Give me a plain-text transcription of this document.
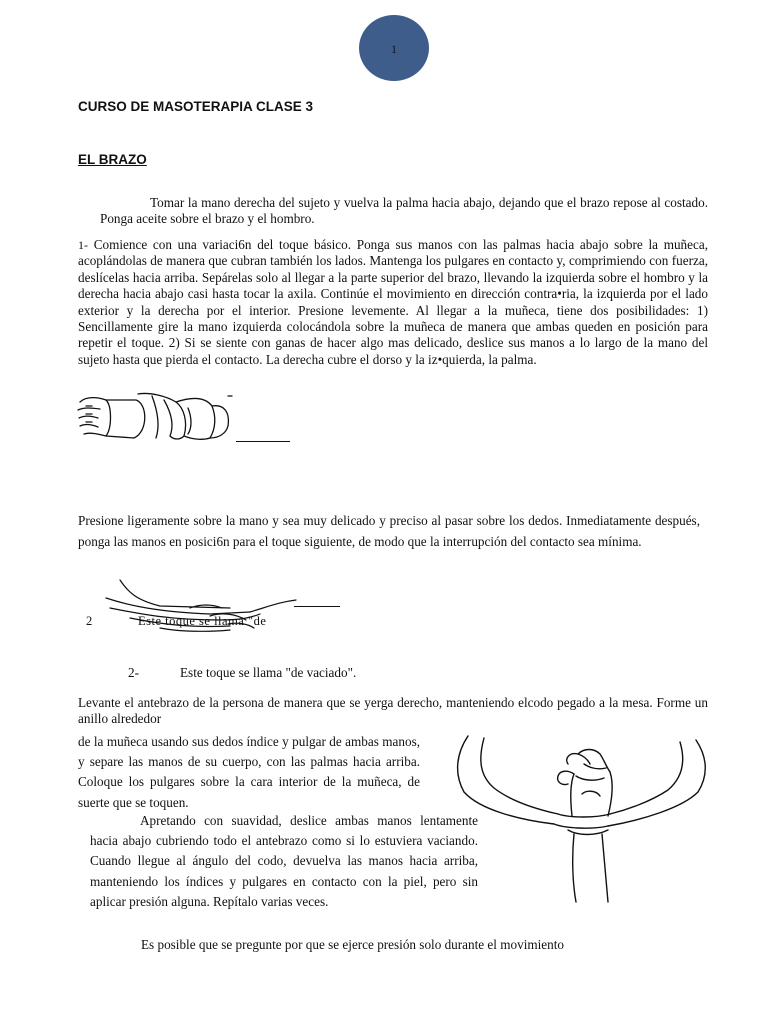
1
CURSO DE MASOTERAPIA CLASE 3
EL BRAZO
Tomar la mano derecha del sujeto y vuelva la palma hacia abajo, dejando que el brazo repose al costado. Ponga aceite sobre el brazo y el hombro.
1- Comience con una variaci6n del toque básico. Ponga sus manos con las palmas hacia abajo sobre la muñeca, acoplándolas de manera que cubran también los lados. Mantenga los pulgares en contacto y, comprimiendo con fuerza, deslícelas hacia arriba. Sepárelas solo al llegar a la parte superior del brazo, llevando la izquierda sobre el hombro y la derecha hacia abajo casi hasta tocar la axila. Continúe el movimiento en dirección contra•ria, la izquierda por el lado exterior y la derecha por el interior. Presione levemente. Al llegar a la muñeca, tiene dos posibilidades: 1) Sencillamente gire la mano izquierda colocándola sobre la muñeca de manera que ambas queden en posición para repetir el toque. 2) Si se siente con ganas de hacer algo mas delicado, deslice sus manos a lo largo de la mano del sujeto hasta que pierda el contacto. La derecha cubre el dorso y la iz•quierda, la palma.
Presione ligeramente sobre la mano y sea muy delicado y preciso al pasar sobre los dedos. Inmediatamente después, ponga las manos en posici6n para el toque siguiente, de modo que la interrupción del contacto sea mínima.
2	Este toque se llama "de
2-	Este toque se llama "de vaciado".
Levante el antebrazo de la persona de manera que se yerga derecho, manteniendo elcodo pegado a la mesa. Forme un anillo alrededor
de la muñeca usando sus dedos índice y pulgar de ambas manos, y separe las manos de su cuerpo, con las palmas hacia arriba. Coloque los pulgares sobre la cara interior de la muñeca, de suerte que se toquen.
Apretando con suavidad, deslice ambas manos lentamente hacia abajo cubriendo todo el antebrazo como si lo estuviera vaciando. Cuando llegue al ángulo del codo, devuelva las manos hacia arriba, manteniendo los índices y pulgares en contacto con la piel, pero sin aplicar presión alguna. Repítalo varias veces.
Es posible que se pregunte por que se ejerce presión solo durante el movimiento
